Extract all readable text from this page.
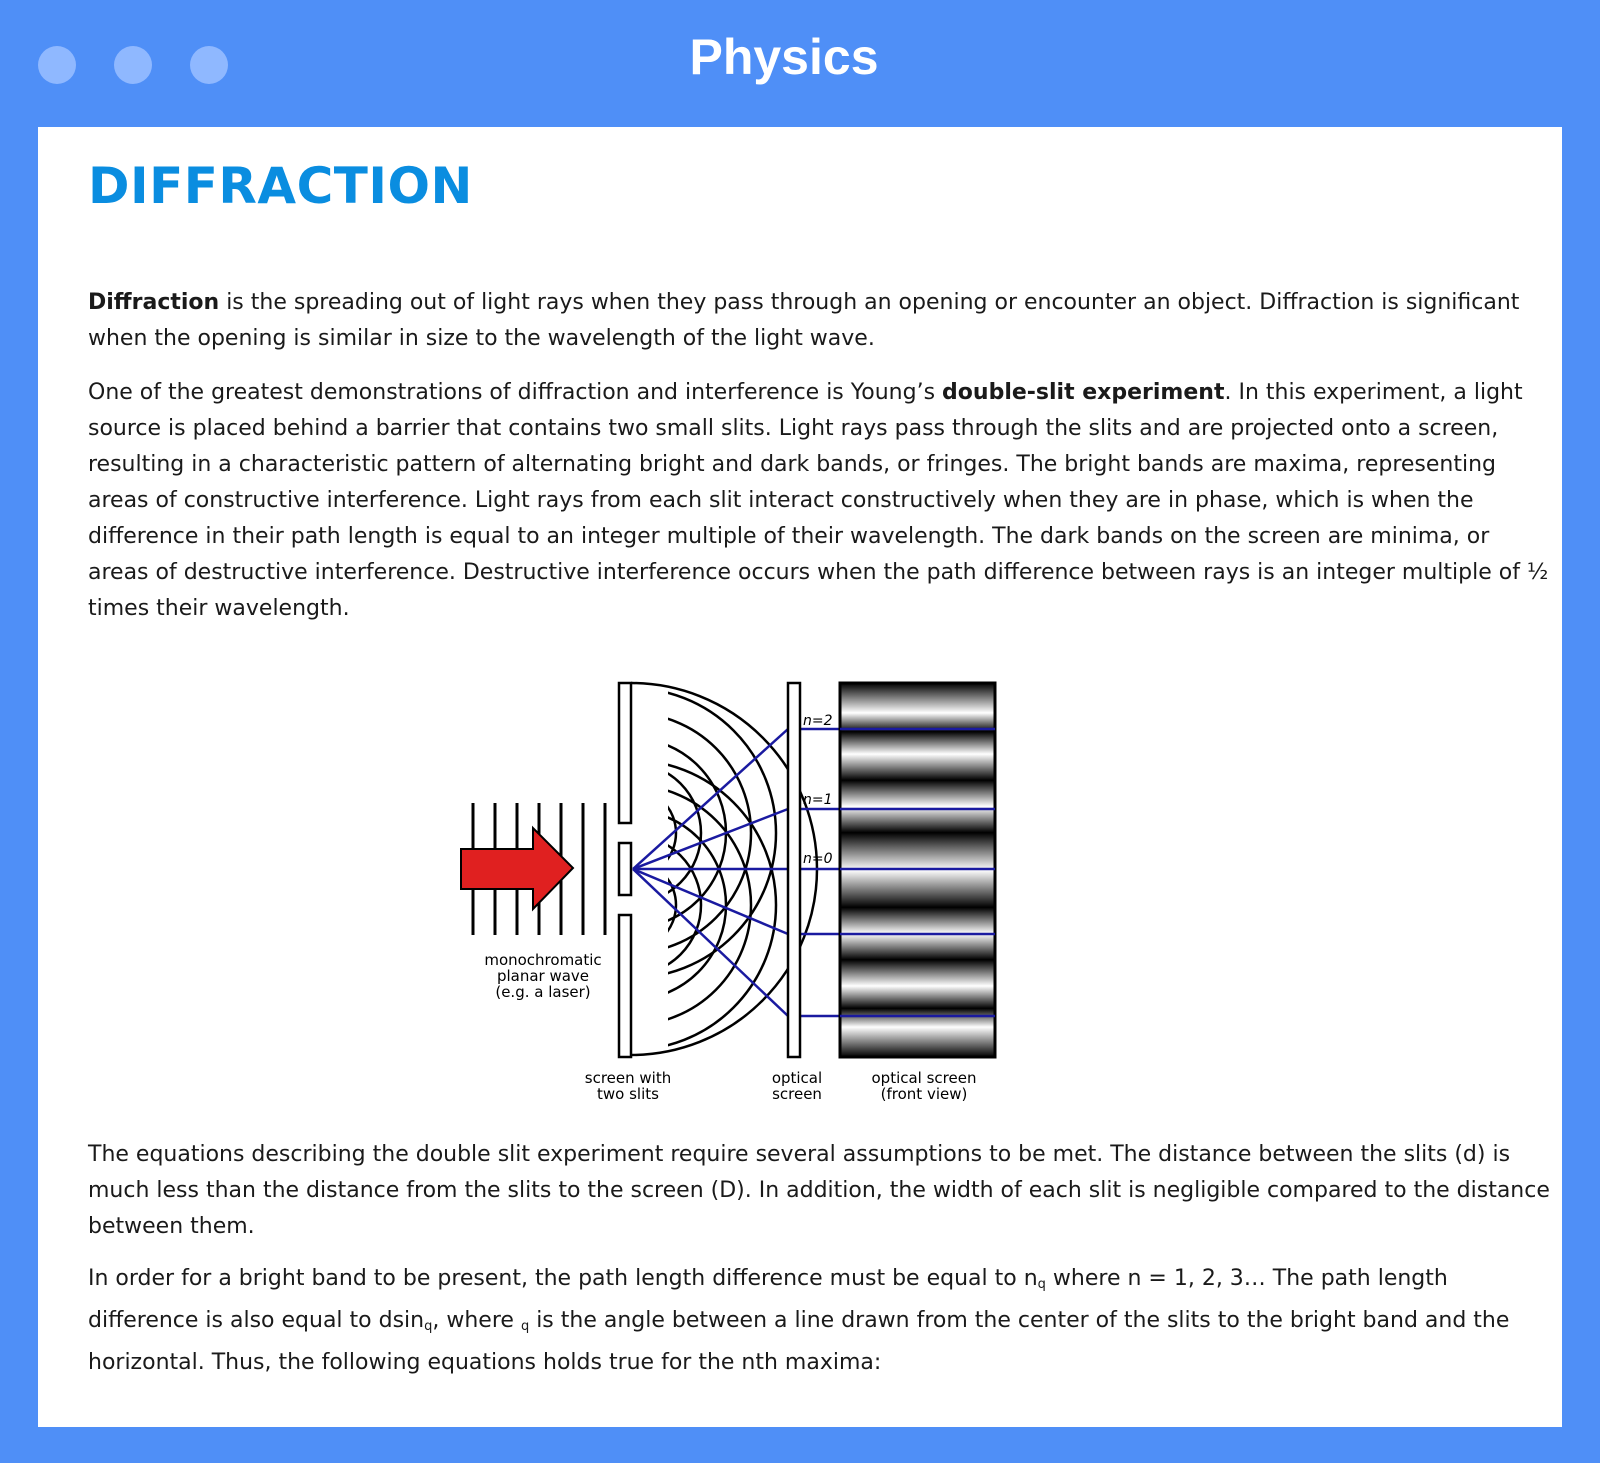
Physics
DIFFRACTION

Diffraction is the spreading out of light rays when they pass through an opening or encounter an object. Diffraction is significant when the opening is similar in size to the wavelength of the light wave.

One of the greatest demonstrations of diffraction and interference is Young’s double-slit experiment. In this experiment, a light source is placed behind a barrier that contains two small slits. Light rays pass through the slits and are projected onto a screen, resulting in a characteristic pattern of alternating bright and dark bands, or fringes. The bright bands are maxima, representing areas of constructive interference. Light rays from each slit interact constructively when they are in phase, which is when the difference in their path length is equal to an integer multiple of their wavelength. The dark bands on the screen are minima, or areas of destructive interference. Destructive interference occurs when the path difference between rays is an integer multiple of ½ times their wavelength.

n=2
n=1
n=0
monochromatic
planar wave
(e.g. a laser)
screen with
two slits
optical
screen
optical screen
(front view)

The equations describing the double slit experiment require several assumptions to be met. The distance between the slits (d) is much less than the distance from the slits to the screen (D). In addition, the width of each slit is negligible compared to the distance between them.

In order for a bright band to be present, the path length difference must be equal to $n_q$ where n = 1, 2, 3… The path length difference is also equal to dsin$_q$, where $_q$ is the angle between a line drawn from the center of the slits to the bright band and the horizontal. Thus, the following equations holds true for the nth maxima:
